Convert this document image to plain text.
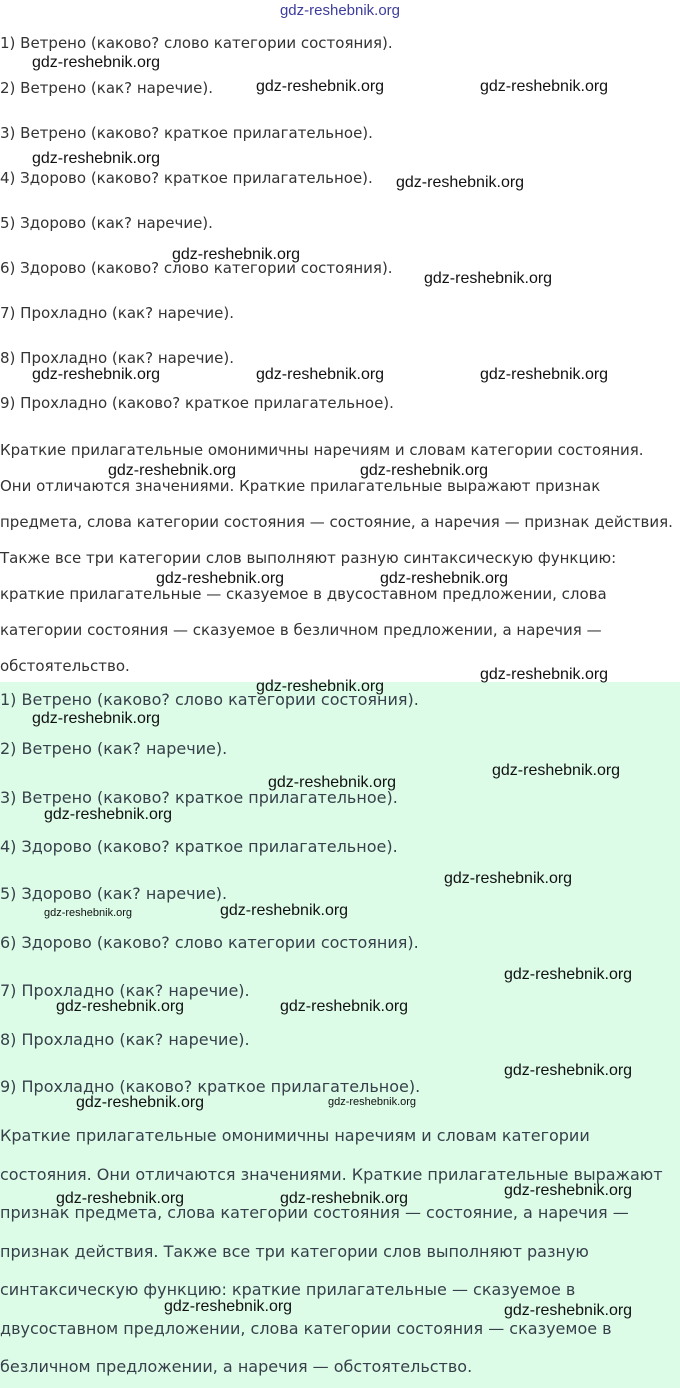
gdz-reshebnik.org
1) Ветрено (каково? слово категории состояния).
2) Ветрено (как? наречие).
3) Ветрено (каково? краткое прилагательное).
4) Здорово (каково? краткое прилагательное).
5) Здорово (как? наречие).
6) Здорово (каково? слово категории состояния).
7) Прохладно (как? наречие).
8) Прохладно (как? наречие).
9) Прохладно (каково? краткое прилагательное).

Краткие прилагательные омонимичны наречиям и словам категории состояния. Они отличаются значениями. Краткие прилагательные выражают признак предмета, слова категории состояния — состояние, а наречия — признак действия. Также все три категории слов выполняют разную синтаксическую функцию: краткие прилагательные — сказуемое в двусоставном предложении, слова категории состояния — сказуемое в безличном предложении, а наречия — обстоятельство.

1) Ветрено (каково? слово категории состояния).
2) Ветрено (как? наречие).
3) Ветрено (каково? краткое прилагательное).
4) Здорово (каково? краткое прилагательное).
5) Здорово (как? наречие).
6) Здорово (каково? слово категории состояния).
7) Прохладно (как? наречие).
8) Прохладно (как? наречие).
9) Прохладно (каково? краткое прилагательное).

Краткие прилагательные омонимичны наречиям и словам категории состояния. Они отличаются значениями. Краткие прилагательные выражают признак предмета, слова категории состояния — состояние, а наречия — признак действия. Также все три категории слов выполняют разную синтаксическую функцию: краткие прилагательные — сказуемое в двусоставном предложении, слова категории состояния — сказуемое в безличном предложении, а наречия — обстоятельство.

gdz-reshebnik.org
gdz-reshebnik.org	gdz-reshebnik.org
gdz-reshebnik.org
gdz-reshebnik.org
gdz-reshebnik.org
gdz-reshebnik.org
gdz-reshebnik.org	gdz-reshebnik.org	gdz-reshebnik.org
gdz-reshebnik.org	gdz-reshebnik.org
gdz-reshebnik.org	gdz-reshebnik.org
gdz-reshebnik.org
gdz-reshebnik.org
gdz-reshebnik.org
gdz-reshebnik.org
gdz-reshebnik.org
gdz-reshebnik.org
gdz-reshebnik.org
gdz-reshebnik.org	gdz-reshebnik.org
gdz-reshebnik.org
gdz-reshebnik.org	gdz-reshebnik.org
gdz-reshebnik.org
gdz-reshebnik.org	gdz-reshebnik.org
gdz-reshebnik.org	gdz-reshebnik.org	gdz-reshebnik.org
gdz-reshebnik.org	gdz-reshebnik.org
